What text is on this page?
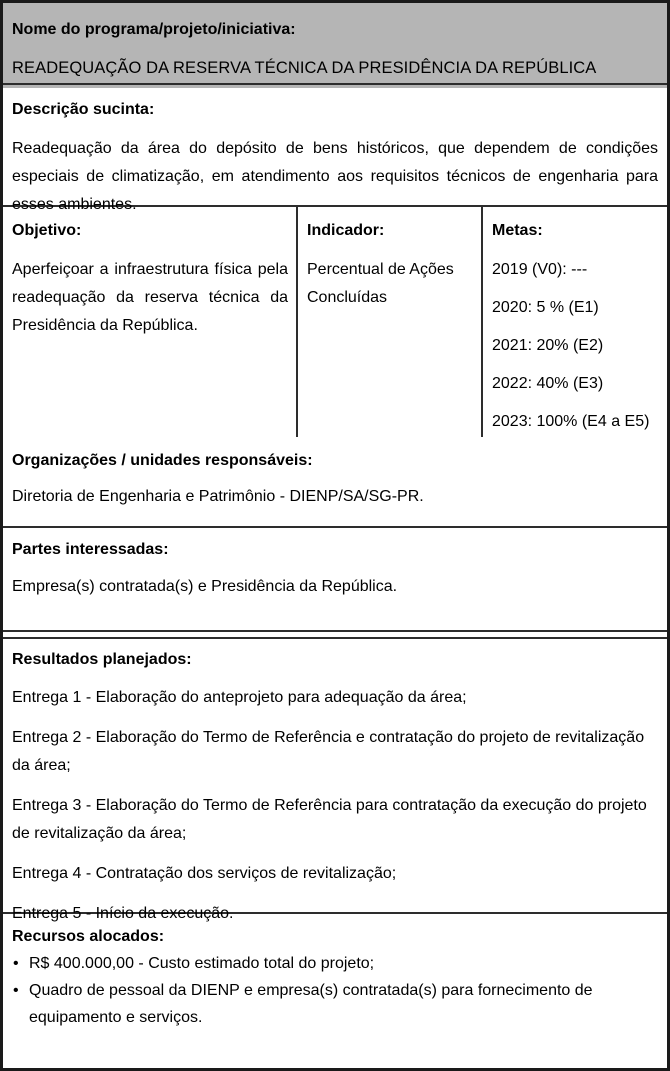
Nome do programa/projeto/iniciativa:
READEQUAÇÃO DA RESERVA TÉCNICA DA PRESIDÊNCIA DA REPÚBLICA
Descrição sucinta:

Readequação da área do depósito de bens históricos, que dependem de condições especiais de climatização, em atendimento aos requisitos técnicos de engenharia para esses ambientes.

Objetivo:

Aperfeiçoar a infraestrutura física pela readequação da reserva técnica da Presidência da República.

Indicador:

Percentual de Ações Concluídas

Metas:
2019 (V0): ---
2020: 5 % (E1)
2021: 20% (E2)
2022: 40% (E3)
2023: 100% (E4 a E5)
Organizações / unidades responsáveis:

Diretoria de Engenharia e Patrimônio - DIENP/SA/SG-PR.

Partes interessadas:

Empresa(s) contratada(s) e Presidência da República.

Resultados planejados:

Entrega 1 - Elaboração do anteprojeto para adequação da área;

Entrega 2 - Elaboração do Termo de Referência e contratação do projeto de revitalização da área;

Entrega 3 - Elaboração do Termo de Referência para contratação da execução do projeto de revitalização da área;

Entrega 4 - Contratação dos serviços de revitalização;

Entrega 5 - Início da execução.

Recursos alocados:
• R$ 400.000,00 - Custo estimado total do projeto;
• Quadro de pessoal da DIENP e empresa(s) contratada(s) para fornecimento de equipamento e serviços.
